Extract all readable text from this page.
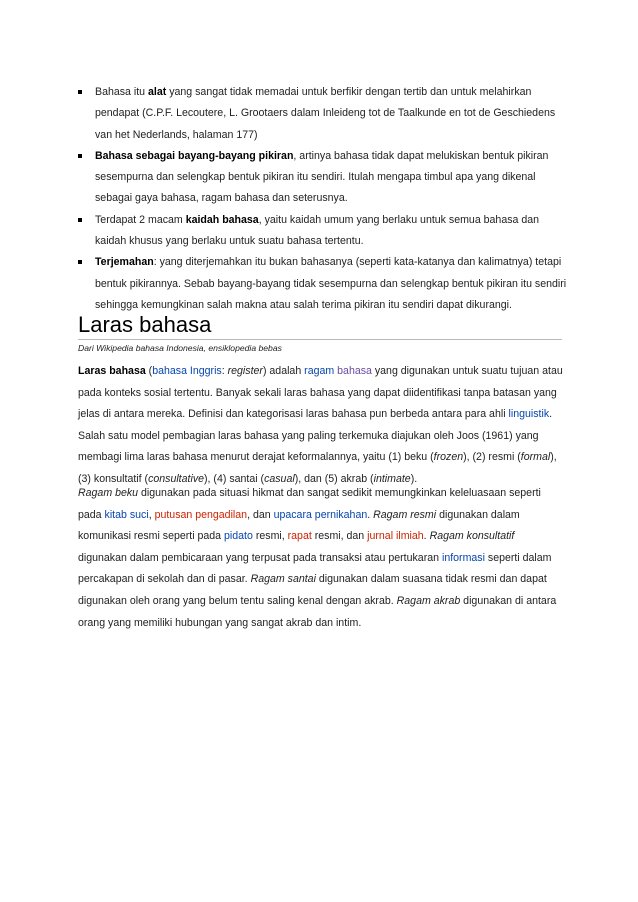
Bahasa itu alat yang sangat tidak memadai untuk berfikir dengan tertib dan untuk melahirkan pendapat (C.P.F. Lecoutere, L. Grootaers dalam Inleideng tot de Taalkunde en tot de Geschiedens van het Nederlands, halaman 177)
Bahasa sebagai bayang-bayang pikiran, artinya bahasa tidak dapat melukiskan bentuk pikiran sesempurna dan selengkap bentuk pikiran itu sendiri. Itulah mengapa timbul apa yang dikenal sebagai gaya bahasa, ragam bahasa dan seterusnya.
Terdapat 2 macam kaidah bahasa, yaitu kaidah umum yang berlaku untuk semua bahasa dan kaidah khusus yang berlaku untuk suatu bahasa tertentu.
Terjemahan: yang diterjemahkan itu bukan bahasanya (seperti kata-katanya dan kalimatnya) tetapi bentuk pikirannya. Sebab bayang-bayang tidak sesempurna dan selengkap bentuk pikiran itu sendiri sehingga kemungkinan salah makna atau salah terima pikiran itu sendiri dapat dikurangi.
Laras bahasa
Dari Wikipedia bahasa Indonesia, ensiklopedia bebas

Laras bahasa (bahasa Inggris: register) adalah ragam bahasa yang digunakan untuk suatu tujuan atau pada konteks sosial tertentu. Banyak sekali laras bahasa yang dapat diidentifikasi tanpa batasan yang jelas di antara mereka. Definisi dan kategorisasi laras bahasa pun berbeda antara para ahli linguistik. Salah satu model pembagian laras bahasa yang paling terkemuka diajukan oleh Joos (1961) yang membagi lima laras bahasa menurut derajat keformalannya, yaitu (1) beku (frozen), (2) resmi (formal), (3) konsultatif (consultative), (4) santai (casual), dan (5) akrab (intimate).

Ragam beku digunakan pada situasi hikmat dan sangat sedikit memungkinkan keleluasaan seperti pada kitab suci, putusan pengadilan, dan upacara pernikahan. Ragam resmi digunakan dalam komunikasi resmi seperti pada pidato resmi, rapat resmi, dan jurnal ilmiah. Ragam konsultatif digunakan dalam pembicaraan yang terpusat pada transaksi atau pertukaran informasi seperti dalam percakapan di sekolah dan di pasar. Ragam santai digunakan dalam suasana tidak resmi dan dapat digunakan oleh orang yang belum tentu saling kenal dengan akrab. Ragam akrab digunakan di antara orang yang memiliki hubungan yang sangat akrab dan intim.
